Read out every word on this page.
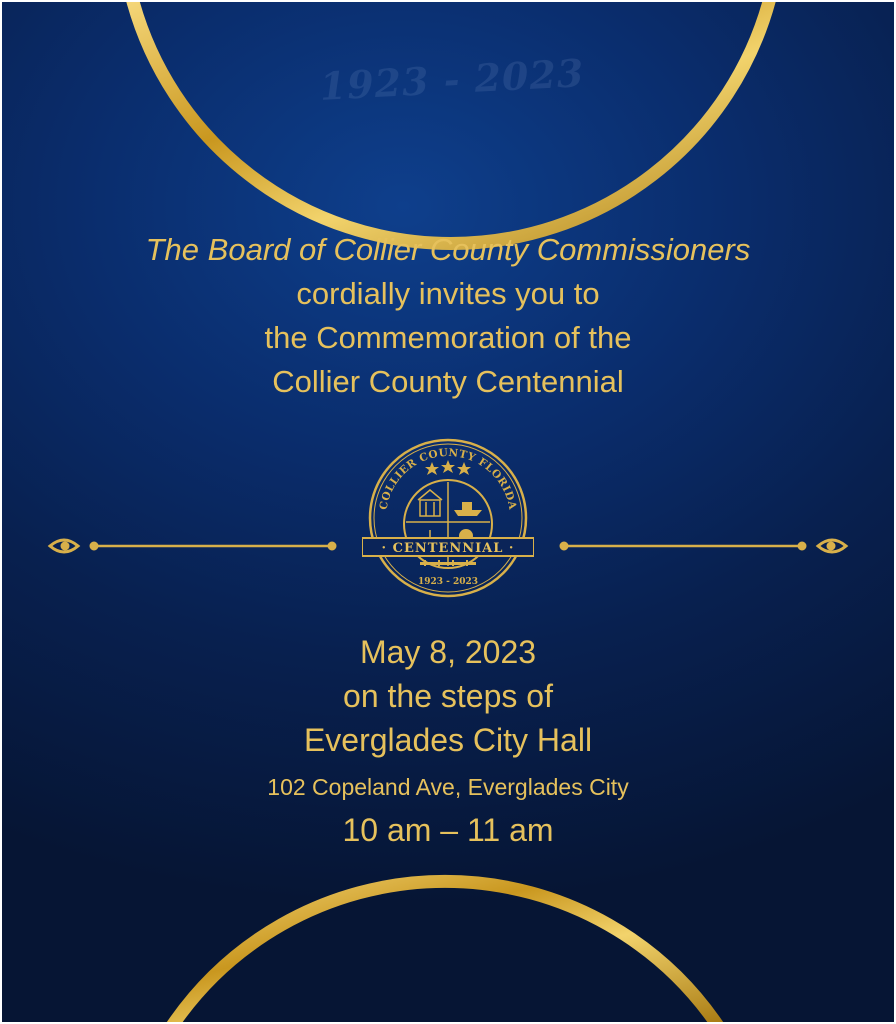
1923 - 2023
The Board of Collier County Commissioners
cordially invites you to
the Commemoration of the
Collier County Centennial
COLLIER COUNTY FLORIDA
· CENTENNIAL ·
1923 - 2023
May 8, 2023
on the steps of
Everglades City Hall
102 Copeland Ave, Everglades City
10 am – 11 am
